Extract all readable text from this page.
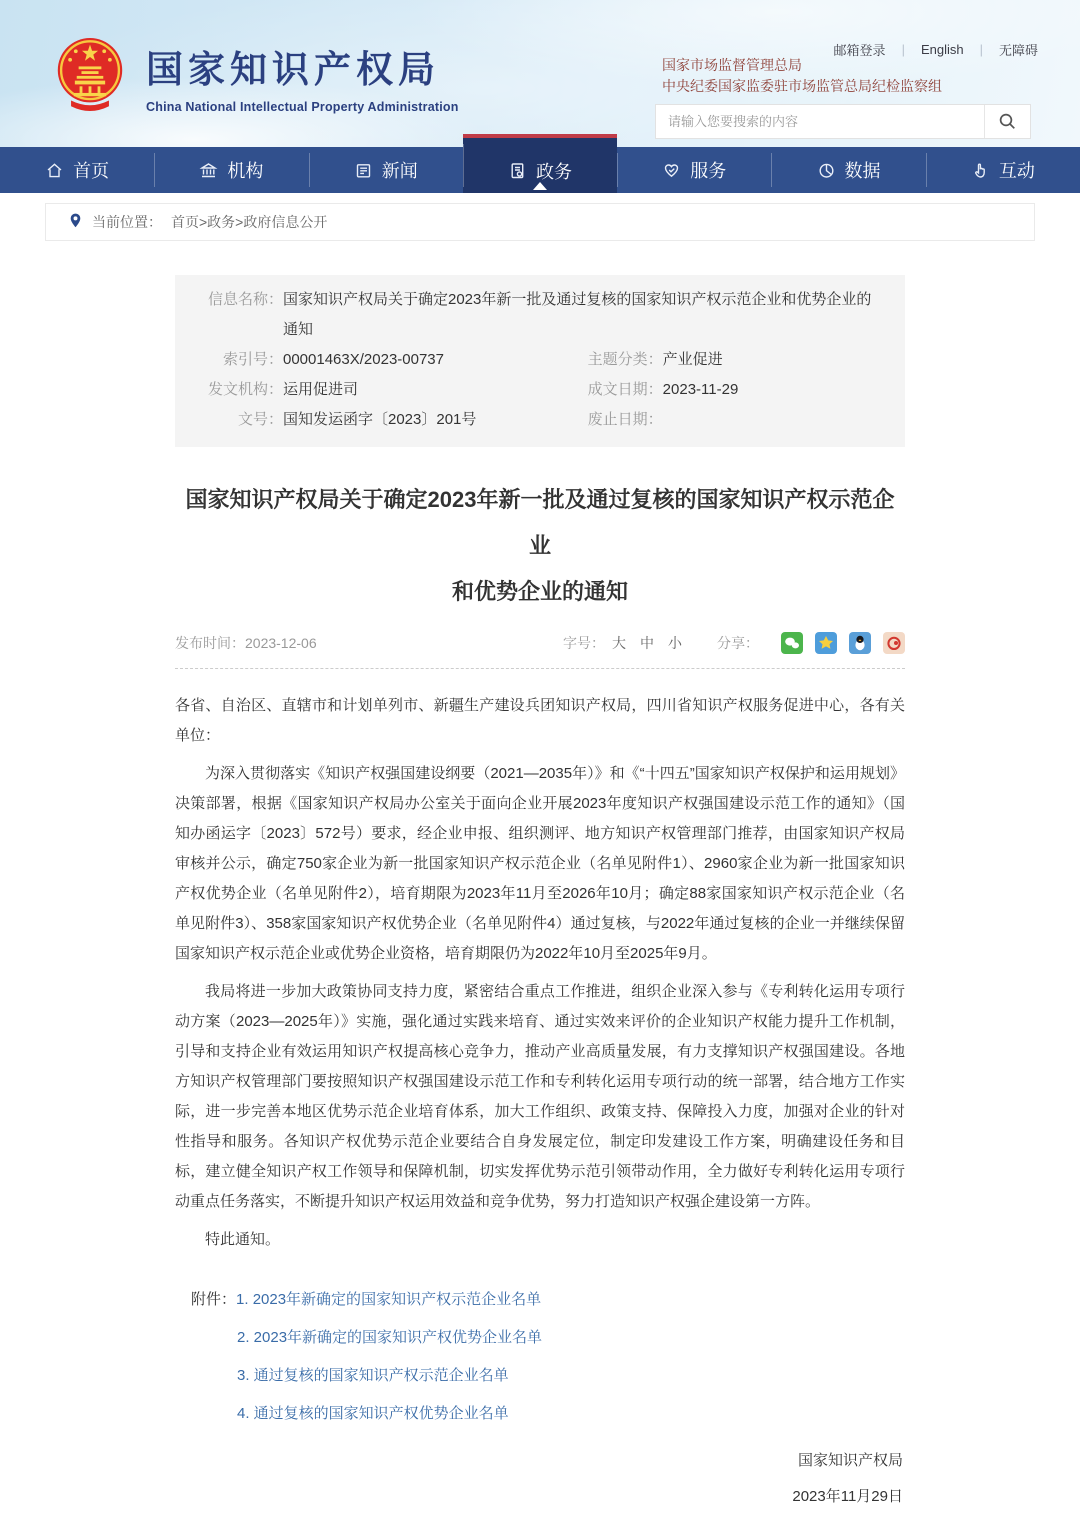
国家知识产权局
China National Intellectual Property Administration
邮箱登录 | English | 无障碍
国家市场监督管理总局
中央纪委国家监委驻市场监管总局纪检监察组
请输入您要搜索的内容
首页	机构	新闻	政务	服务	数据	互动
当前位置： 首页>政务>政府信息公开
信息名称： 国家知识产权局关于确定2023年新一批及通过复核的国家知识产权示范企业和优势企业的通知
索引号： 00001463X/2023-00737	主题分类： 产业促进
发文机构： 运用促进司	成文日期： 2023-11-29
文号： 国知发运函字〔2023〕201号	废止日期：
国家知识产权局关于确定2023年新一批及通过复核的国家知识产权示范企业
和优势企业的通知
发布时间：2023-12-06	字号： 大 中 小	分享：

各省、自治区、直辖市和计划单列市、新疆生产建设兵团知识产权局，四川省知识产权服务促进中心，各有关单位：

为深入贯彻落实《知识产权强国建设纲要（2021—2035年）》和《“十四五”国家知识产权保护和运用规划》决策部署，根据《国家知识产权局办公室关于面向企业开展2023年度知识产权强国建设示范工作的通知》（国知办函运字〔2023〕572号）要求，经企业申报、组织测评、地方知识产权管理部门推荐，由国家知识产权局审核并公示，确定750家企业为新一批国家知识产权示范企业（名单见附件1）、2960家企业为新一批国家知识产权优势企业（名单见附件2），培育期限为2023年11月至2026年10月；确定88家国家知识产权示范企业（名单见附件3）、358家国家知识产权优势企业（名单见附件4）通过复核，与2022年通过复核的企业一并继续保留国家知识产权示范企业或优势企业资格，培育期限仍为2022年10月至2025年9月。

我局将进一步加大政策协同支持力度，紧密结合重点工作推进，组织企业深入参与《专利转化运用专项行动方案（2023—2025年）》实施，强化通过实践来培育、通过实效来评价的企业知识产权能力提升工作机制，引导和支持企业有效运用知识产权提高核心竞争力，推动产业高质量发展，有力支撑知识产权强国建设。各地方知识产权管理部门要按照知识产权强国建设示范工作和专利转化运用专项行动的统一部署，结合地方工作实际，进一步完善本地区优势示范企业培育体系，加大工作组织、政策支持、保障投入力度，加强对企业的针对性指导和服务。各知识产权优势示范企业要结合自身发展定位，制定印发建设工作方案，明确建设任务和目标，建立健全知识产权工作领导和保障机制，切实发挥优势示范引领带动作用，全力做好专利转化运用专项行动重点任务落实，不断提升知识产权运用效益和竞争优势，努力打造知识产权强企建设第一方阵。

特此通知。

附件： 1. 2023年新确定的国家知识产权示范企业名单
2. 2023年新确定的国家知识产权优势企业名单
3. 通过复核的国家知识产权示范企业名单
4. 通过复核的国家知识产权优势企业名单
国家知识产权局
2023年11月29日
